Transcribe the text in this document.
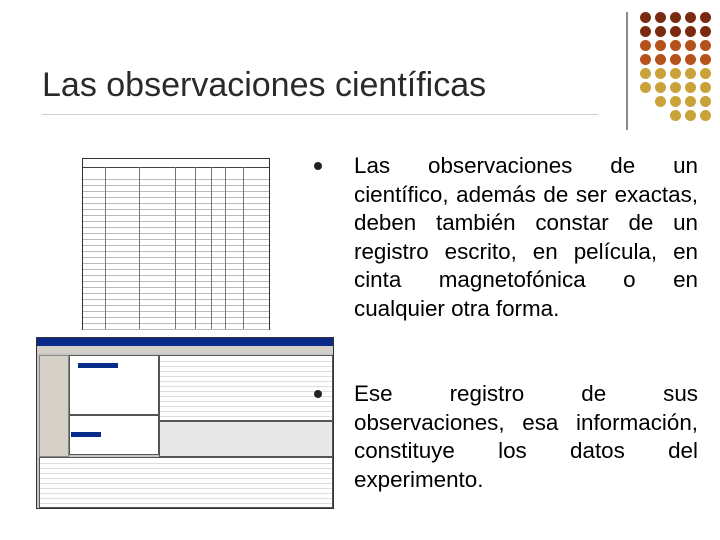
Las observaciones científicas
Las observaciones de un científico, además de ser exactas, deben también constar de un registro escrito, en película, en cinta magnetofónica o en cualquier otra forma.
Ese registro de sus observaciones, esa información, constituye los datos del experimento.
